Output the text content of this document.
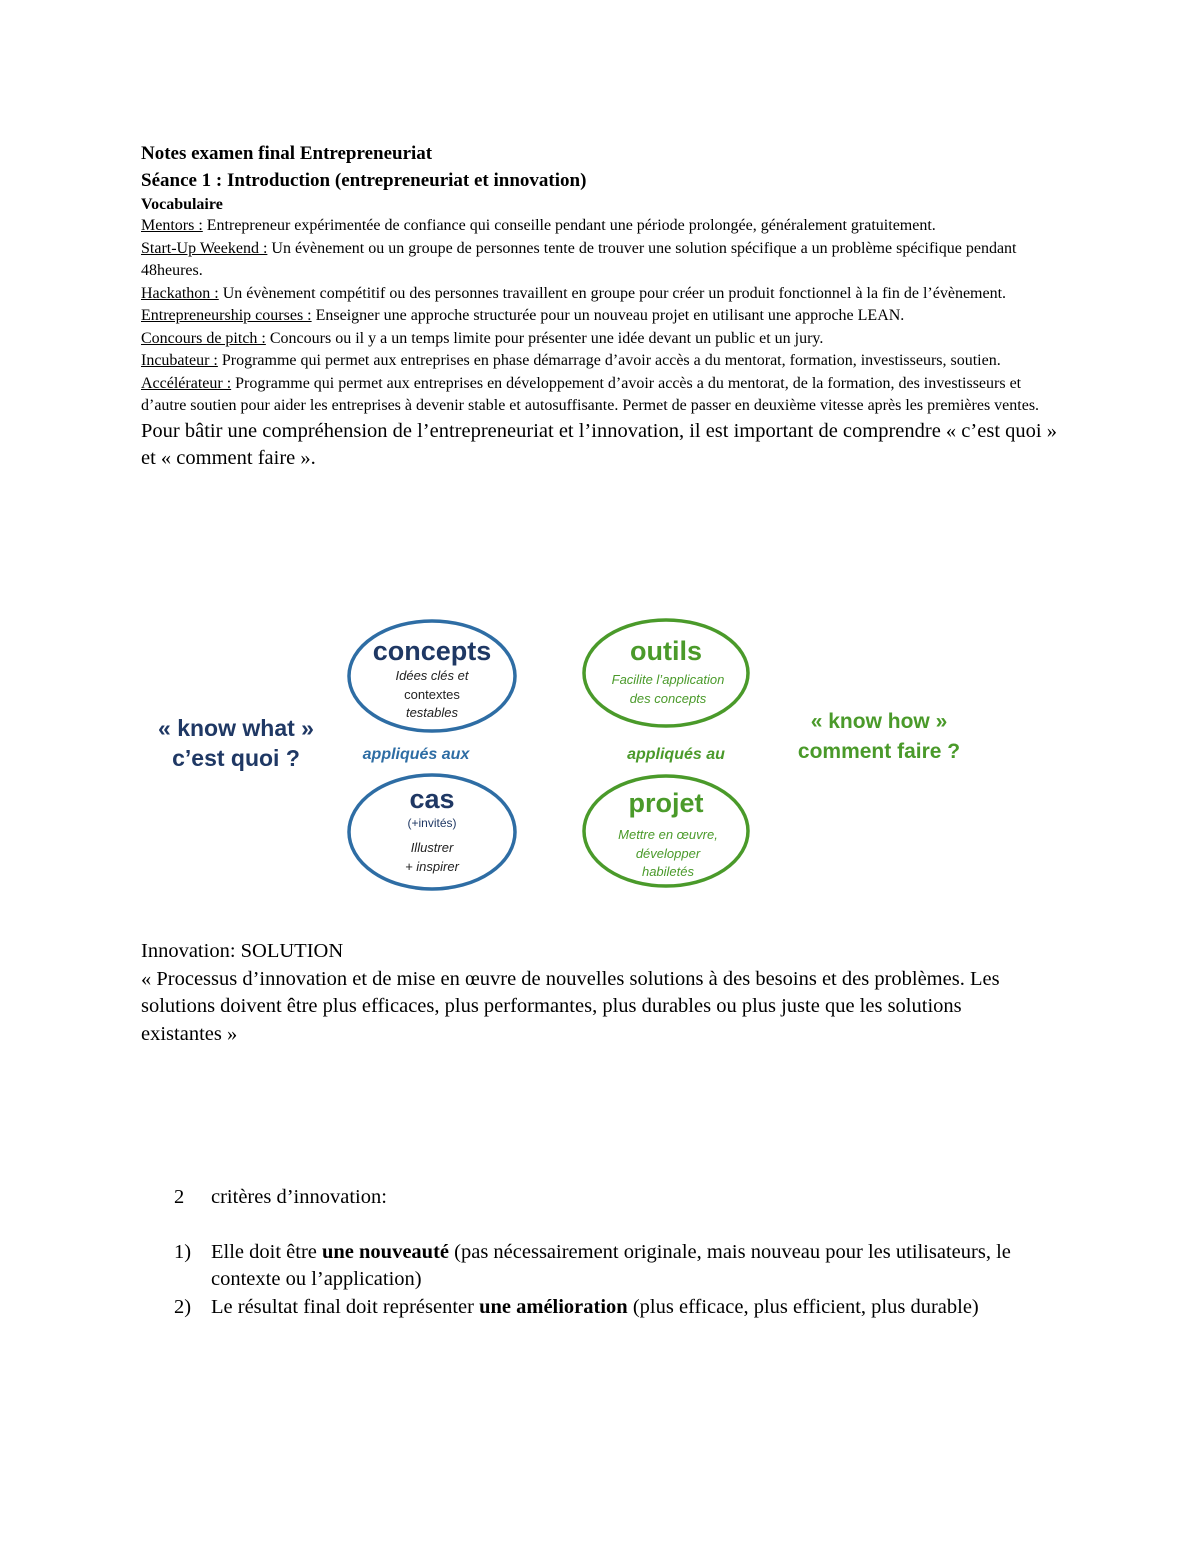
Notes examen final Entrepreneuriat

Séance 1 : Introduction (entrepreneuriat et innovation)

Vocabulaire

Mentors : Entrepreneur expérimentée de confiance qui conseille pendant une période prolongée, généralement gratuitement.

Start-Up Weekend : Un évènement ou un groupe de personnes tente de trouver une solution spécifique a un problème spécifique pendant 48heures.

Hackathon : Un évènement compétitif ou des personnes travaillent en groupe pour créer un produit fonctionnel à la fin de l’évènement.

Entrepreneurship courses : Enseigner une approche structurée pour un nouveau projet en utilisant une approche LEAN.

Concours de pitch : Concours ou il y a un temps limite pour présenter une idée devant un public et un jury.

Incubateur : Programme qui permet aux entreprises en phase démarrage d’avoir accès a du mentorat, formation, investisseurs, soutien.

Accélérateur : Programme qui permet aux entreprises en développement d’avoir accès a du mentorat, de la formation, des investisseurs et d’autre soutien pour aider les entreprises à devenir stable et autosuffisante. Permet de passer en deuxième vitesse après les premières ventes.

Pour bâtir une compréhension de l’entrepreneuriat et l’innovation, il est important de comprendre « c’est quoi » et « comment faire ».

« know what »
c’est quoi ?
« know how »
comment faire ?
concepts
Idées clés et
contextes
testables
appliqués aux	appliqués au
cas
(+invités)
Illustrer
+ inspirer
outils
Facilite l’application
des concepts
projet
Mettre en œuvre,
développer
habiletés

Innovation: SOLUTION

« Processus d’innovation et de mise en œuvre de nouvelles solutions à des besoins et des problèmes. Les solutions doivent être plus efficaces, plus performantes, plus durables ou plus juste que les solutions existantes »

2	critères d’innovation:

1) Elle doit être une nouveauté (pas nécessairement originale, mais nouveau pour les utilisateurs, le contexte ou l’application)

2) Le résultat final doit représenter une amélioration (plus efficace, plus efficient, plus durable)
